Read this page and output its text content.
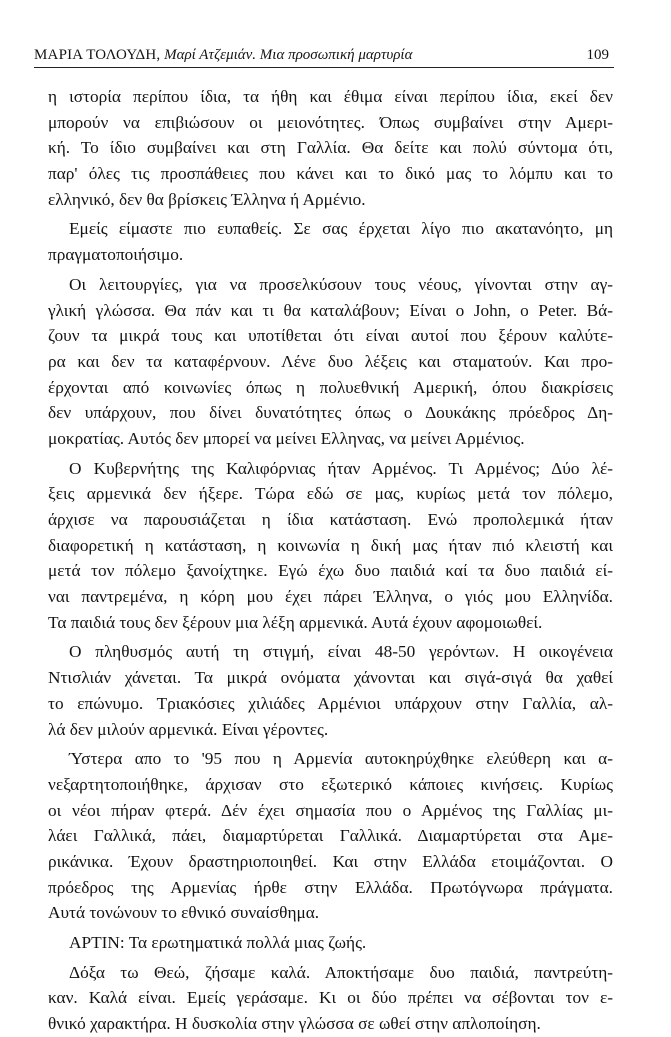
ΜΑΡΙΑ ΤΟΛΟΥΔΗ, Μαρί Ατζεμιάν. Μια προσωπική μαρτυρία	109
η ιστορία περίπου ίδια, τα ήθη και έθιμα είναι περίπου ίδια, εκεί δεν
μπορούν να επιβιώσουν οι μειονότητες. Όπως συμβαίνει στην Αμερι-
κή. Το ίδιο συμβαίνει και στη Γαλλία. Θα δείτε και πολύ σύντομα ότι,
παρ' όλες τις προσπάθειες που κάνει και το δικό μας το λόμπυ και το
ελληνικό, δεν θα βρίσκεις Έλληνα ή Αρμένιο.
Εμείς είμαστε πιο ευπαθείς. Σε σας έρχεται λίγο πιο ακατανόητο, μη
πραγματοποιήσιμο.
Οι λειτουργίες, για να προσελκύσουν τους νέους, γίνονται στην αγ-
γλική γλώσσα. Θα πάν και τι θα καταλάβουν; Είναι ο John, ο Peter. Βά-
ζουν τα μικρά τους και υποτίθεται ότι είναι αυτοί που ξέρουν καλύτε-
ρα και δεν τα καταφέρνουν. Λένε δυο λέξεις και σταματούν. Και προ-
έρχονται από κοινωνίες όπως η πολυεθνική Αμερική, όπου διακρίσεις
δεν υπάρχουν, που δίνει δυνατότητες όπως ο Δουκάκης πρόεδρος Δη-
μοκρατίας. Αυτός δεν μπορεί να μείνει Ελληνας, να μείνει Αρμένιος.
Ο Κυβερνήτης της Καλιφόρνιας ήταν Αρμένος. Τι Αρμένος; Δύο λέ-
ξεις αρμενικά δεν ήξερε. Τώρα εδώ σε μας, κυρίως μετά τον πόλεμο,
άρχισε να παρουσιάζεται η ίδια κατάσταση. Ενώ προπολεμικά ήταν
διαφορετική η κατάσταση, η κοινωνία η δική μας ήταν πιό κλειστή και
μετά τον πόλεμο ξανοίχτηκε. Εγώ έχω δυο παιδιά καί τα δυο παιδιά εί-
ναι παντρεμένα, η κόρη μου έχει πάρει Έλληνα, ο γιός μου Ελληνίδα.
Τα παιδιά τους δεν ξέρουν μια λέξη αρμενικά. Αυτά έχουν αφομοιωθεί.
Ο πληθυσμός αυτή τη στιγμή, είναι 48-50 γερόντων. Η οικογένεια
Ντισλιάν χάνεται. Τα μικρά ονόματα χάνονται και σιγά-σιγά θα χαθεί
το επώνυμο. Τριακόσιες χιλιάδες Αρμένιοι υπάρχουν στην Γαλλία, αλ-
λά δεν μιλούν αρμενικά. Είναι γέροντες.
Ύστερα απο το '95 που η Αρμενία αυτοκηρύχθηκε ελεύθερη και α-
νεξαρτητοποιήθηκε, άρχισαν στο εξωτερικό κάποιες κινήσεις. Κυρίως
οι νέοι πήραν φτερά. Δέν έχει σημασία που ο Αρμένος της Γαλλίας μι-
λάει Γαλλικά, πάει, διαμαρτύρεται Γαλλικά. Διαμαρτύρεται στα Αμε-
ρικάνικα. Έχουν δραστηριοποιηθεί. Και στην Ελλάδα ετοιμάζονται. Ο
πρόεδρος της Αρμενίας ήρθε στην Ελλάδα. Πρωτόγνωρα πράγματα.
Αυτά τονώνουν το εθνικό συναίσθημα.
ΑΡΤΙΝ: Τα ερωτηματικά πολλά μιας ζωής.
Δόξα τω Θεώ, ζήσαμε καλά. Αποκτήσαμε δυο παιδιά, παντρεύτη-
καν. Καλά είναι. Εμείς γεράσαμε. Κι οι δύο πρέπει να σέβονται τον ε-
θνικό χαρακτήρα. Η δυσκολία στην γλώσσα σε ωθεί στην απλοποίηση.
